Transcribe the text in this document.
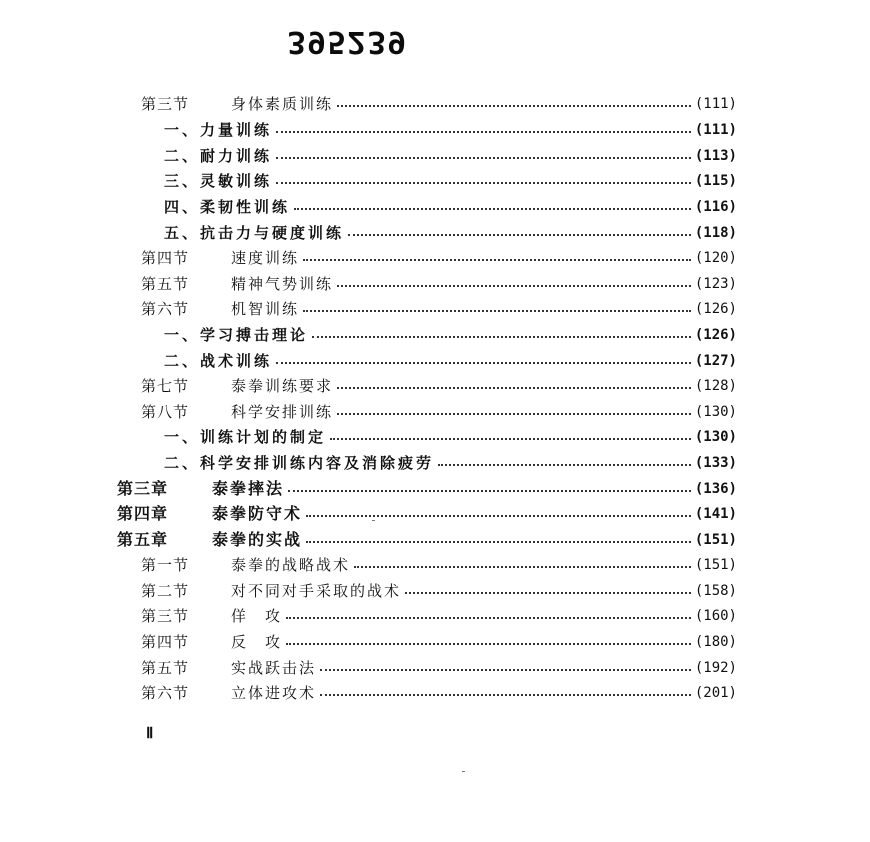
395239
第三节	身体素质训练	(111)
一、力量训练	(111)
二、耐力训练	(113)
三、灵敏训练	(115)
四、柔韧性训练	(116)
五、抗击力与硬度训练	(118)
第四节	速度训练	(120)
第五节	精神气势训练	(123)
第六节	机智训练	(126)
一、学习搏击理论	(126)
二、战术训练	(127)
第七节	泰拳训练要求	(128)
第八节	科学安排训练	(130)
一、训练计划的制定	(130)
二、科学安排训练内容及消除疲劳	(133)
第三章	泰拳摔法	(136)
第四章	泰拳防守术	(141)
第五章	泰拳的实战	(151)
第一节	泰拳的战略战术	(151)
第二节	对不同对手采取的战术	(158)
第三节	佯　攻	(160)
第四节	反　攻	(180)
第五节	实战跃击法	(192)
第六节	立体进攻术	(201)
Ⅱ
